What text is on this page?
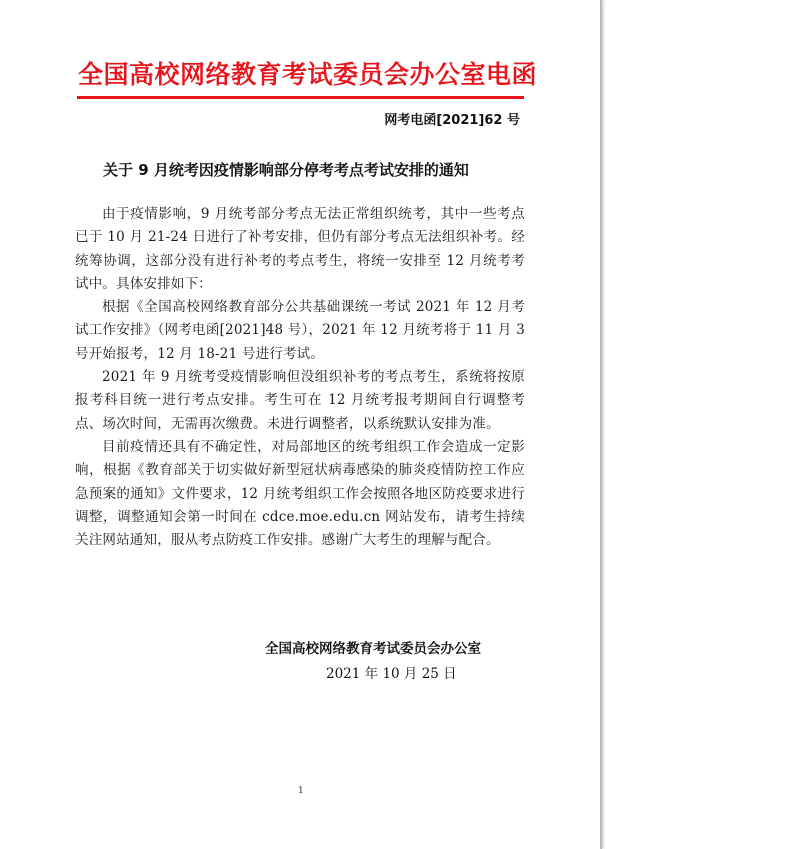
全国高校网络教育考试委员会办公室电函
网考电函[2021]62 号
关于 9 月统考因疫情影响部分停考考点考试安排的通知

由于疫情影响，9 月统考部分考点无法正常组织统考，其中一些考点已于 10 月 21-24 日进行了补考安排，但仍有部分考点无法组织补考。经统筹协调，这部分没有进行补考的考点考生，将统一安排至 12 月统考考试中。具体安排如下：

根据《全国高校网络教育部分公共基础课统一考试 2021 年 12 月考试工作安排》（网考电函[2021]48 号），2021 年 12 月统考将于 11 月 3 号开始报考，12 月 18-21 号进行考试。

2021 年 9 月统考受疫情影响但没组织补考的考点考生，系统将按原报考科目统一进行考点安排。考生可在 12 月统考报考期间自行调整考点、场次时间，无需再次缴费。未进行调整者，以系统默认安排为准。

目前疫情还具有不确定性，对局部地区的统考组织工作会造成一定影响，根据《教育部关于切实做好新型冠状病毒感染的肺炎疫情防控工作应急预案的通知》文件要求，12 月统考组织工作会按照各地区防疫要求进行调整，调整通知会第一时间在 cdce.moe.edu.cn 网站发布，请考生持续关注网站通知，服从考点防疫工作安排。感谢广大考生的理解与配合。

全国高校网络教育考试委员会办公室
2021 年 10 月 25 日
1
